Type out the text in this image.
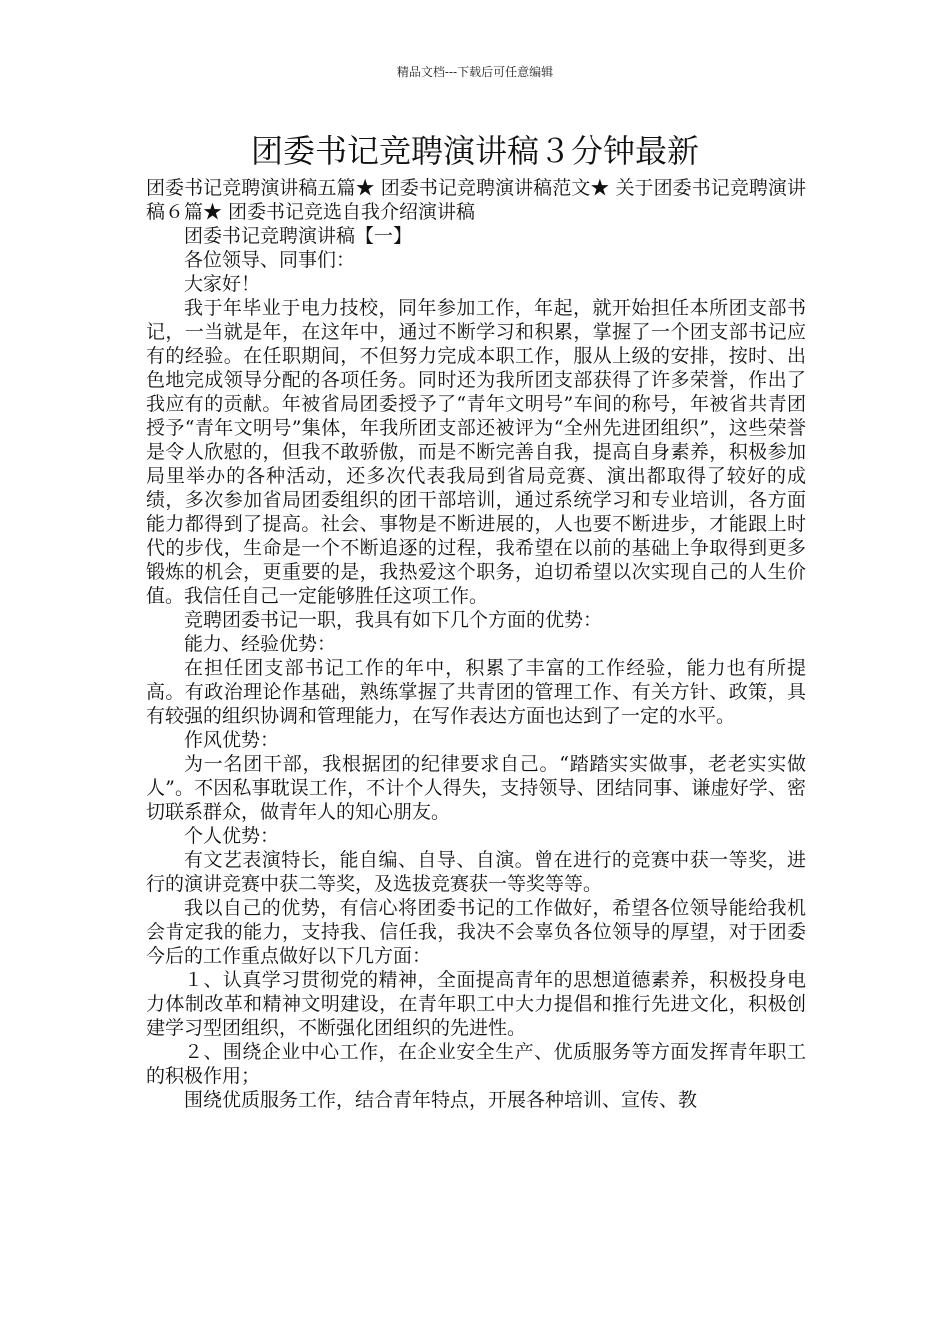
精品文档---下载后可任意编辑
团委书记竞聘演讲稿３分钟最新

团委书记竞聘演讲稿五篇★ 团委书记竞聘演讲稿范文★ 关于团委书记竞聘演讲稿６篇★ 团委书记竞选自我介绍演讲稿

团委书记竞聘演讲稿【一】

各位领导、同事们：

大家好！

我于年毕业于电力技校，同年参加工作，年起，就开始担任本所团支部书记，一当就是年，在这年中，通过不断学习和积累，掌握了一个团支部书记应有的经验。在任职期间，不但努力完成本职工作，服从上级的安排，按时、出色地完成领导分配的各项任务。同时还为我所团支部获得了许多荣誉，作出了我应有的贡献。年被省局团委授予了“青年文明号”车间的称号，年被省共青团授予“青年文明号”集体，年我所团支部还被评为“全州先进团组织”，这些荣誉是令人欣慰的，但我不敢骄傲，而是不断完善自我，提高自身素养，积极参加局里举办的各种活动，还多次代表我局到省局竞赛、演出都取得了较好的成绩，多次参加省局团委组织的团干部培训，通过系统学习和专业培训，各方面能力都得到了提高。社会、事物是不断进展的，人也要不断进步，才能跟上时代的步伐，生命是一个不断追逐的过程，我希望在以前的基础上争取得到更多锻炼的机会，更重要的是，我热爱这个职务，迫切希望以次实现自己的人生价值。我信任自己一定能够胜任这项工作。

竞聘团委书记一职，我具有如下几个方面的优势：

能力、经验优势：

在担任团支部书记工作的年中，积累了丰富的工作经验，能力也有所提高。有政治理论作基础，熟练掌握了共青团的管理工作、有关方针、政策，具有较强的组织协调和管理能力，在写作表达方面也达到了一定的水平。

作风优势：

为一名团干部，我根据团的纪律要求自己。“踏踏实实做事，老老实实做人”。不因私事耽误工作，不计个人得失，支持领导、团结同事、谦虚好学、密切联系群众，做青年人的知心朋友。

个人优势：

有文艺表演特长，能自编、自导、自演。曾在进行的竞赛中获一等奖，进行的演讲竞赛中获二等奖，及选拔竞赛获一等奖等等。

我以自己的优势，有信心将团委书记的工作做好，希望各位领导能给我机会肯定我的能力，支持我、信任我，我决不会辜负各位领导的厚望，对于团委今后的工作重点做好以下几方面：

１、认真学习贯彻党的精神，全面提高青年的思想道德素养，积极投身电力体制改革和精神文明建设，在青年职工中大力提倡和推行先进文化，积极创建学习型团组织，不断强化团组织的先进性。

２、围绕企业中心工作，在企业安全生产、优质服务等方面发挥青年职工的积极作用；

围绕优质服务工作，结合青年特点，开展各种培训、宣传、教
